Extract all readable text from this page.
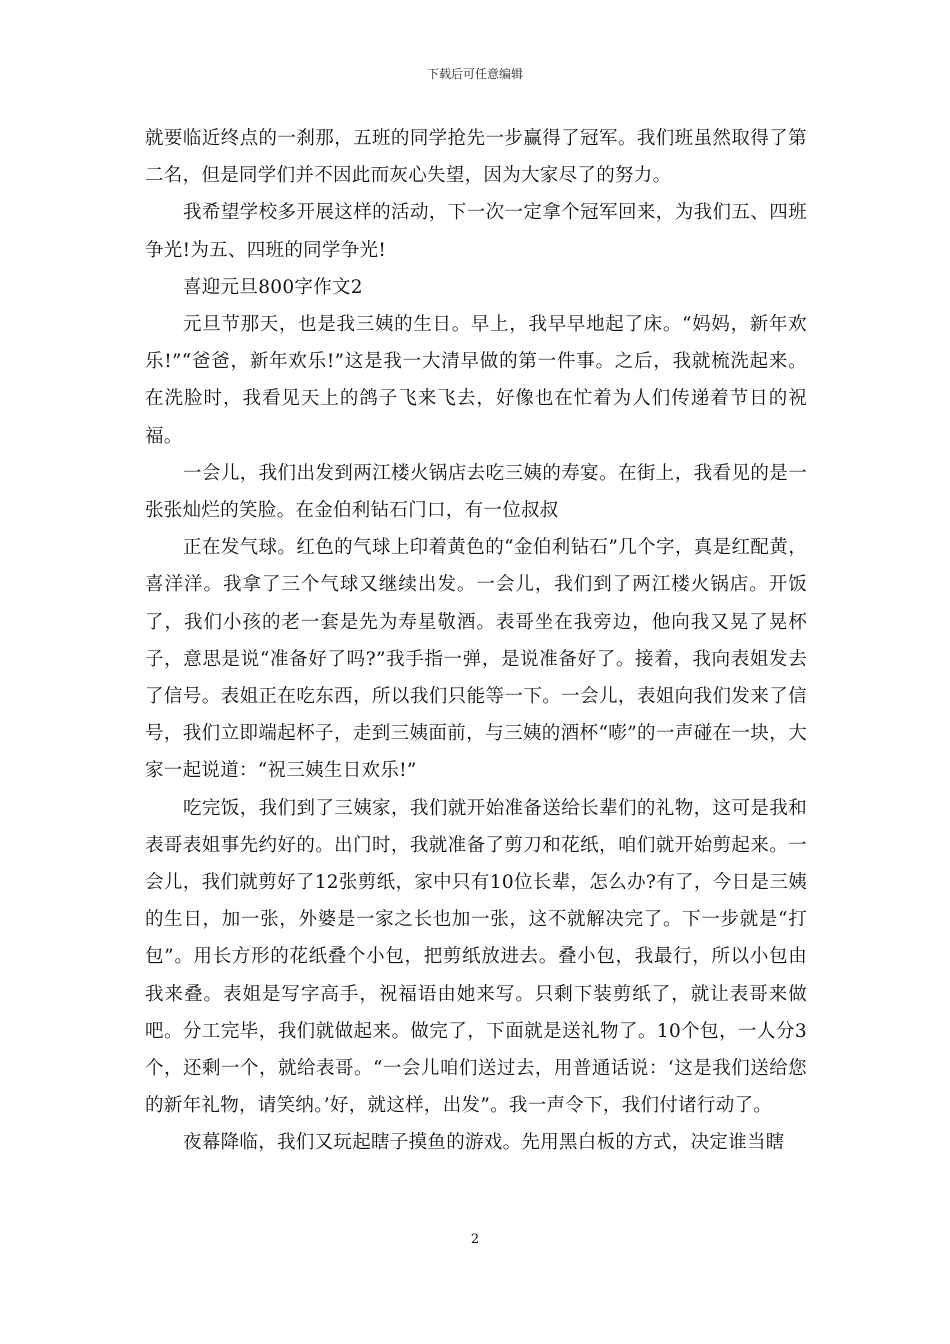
下载后可任意编辑

就要临近终点的一刹那，五班的同学抢先一步赢得了冠军。我们班虽然取得了第二名，但是同学们并不因此而灰心失望，因为大家尽了的努力。

我希望学校多开展这样的活动，下一次一定拿个冠军回来，为我们五、四班争光!为五、四班的同学争光!

喜迎元旦800字作文2

元旦节那天，也是我三姨的生日。早上，我早早地起了床。“妈妈，新年欢乐!”“爸爸，新年欢乐!”这是我一大清早做的第一件事。之后，我就梳洗起来。在洗脸时，我看见天上的鸽子飞来飞去，好像也在忙着为人们传递着节日的祝福。

一会儿，我们出发到两江楼火锅店去吃三姨的寿宴。在街上，我看见的是一张张灿烂的笑脸。在金伯利钻石门口，有一位叔叔

正在发气球。红色的气球上印着黄色的“金伯利钻石”几个字，真是红配黄，喜洋洋。我拿了三个气球又继续出发。一会儿，我们到了两江楼火锅店。开饭了，我们小孩的老一套是先为寿星敬酒。表哥坐在我旁边，他向我又晃了晃杯子，意思是说“准备好了吗?”我手指一弹，是说准备好了。接着，我向表姐发去了信号。表姐正在吃东西，所以我们只能等一下。一会儿，表姐向我们发来了信号，我们立即端起杯子，走到三姨面前，与三姨的酒杯“嘭”的一声碰在一块，大家一起说道：“祝三姨生日欢乐!”

吃完饭，我们到了三姨家，我们就开始准备送给长辈们的礼物，这可是我和表哥表姐事先约好的。出门时，我就准备了剪刀和花纸，咱们就开始剪起来。一会儿，我们就剪好了12张剪纸，家中只有10位长辈，怎么办?有了，今日是三姨的生日，加一张，外婆是一家之长也加一张，这不就解决完了。下一步就是“打包”。用长方形的花纸叠个小包，把剪纸放进去。叠小包，我最行，所以小包由我来叠。表姐是写字高手，祝福语由她来写。只剩下装剪纸了，就让表哥来做吧。分工完毕，我们就做起来。做完了，下面就是送礼物了。10个包，一人分3个，还剩一个，就给表哥。“一会儿咱们送过去，用普通话说：‘这是我们送给您的新年礼物，请笑纳。’好，就这样，出发”。我一声令下，我们付诸行动了。

夜幕降临，我们又玩起瞎子摸鱼的游戏。先用黑白板的方式，决定谁当瞎

2
